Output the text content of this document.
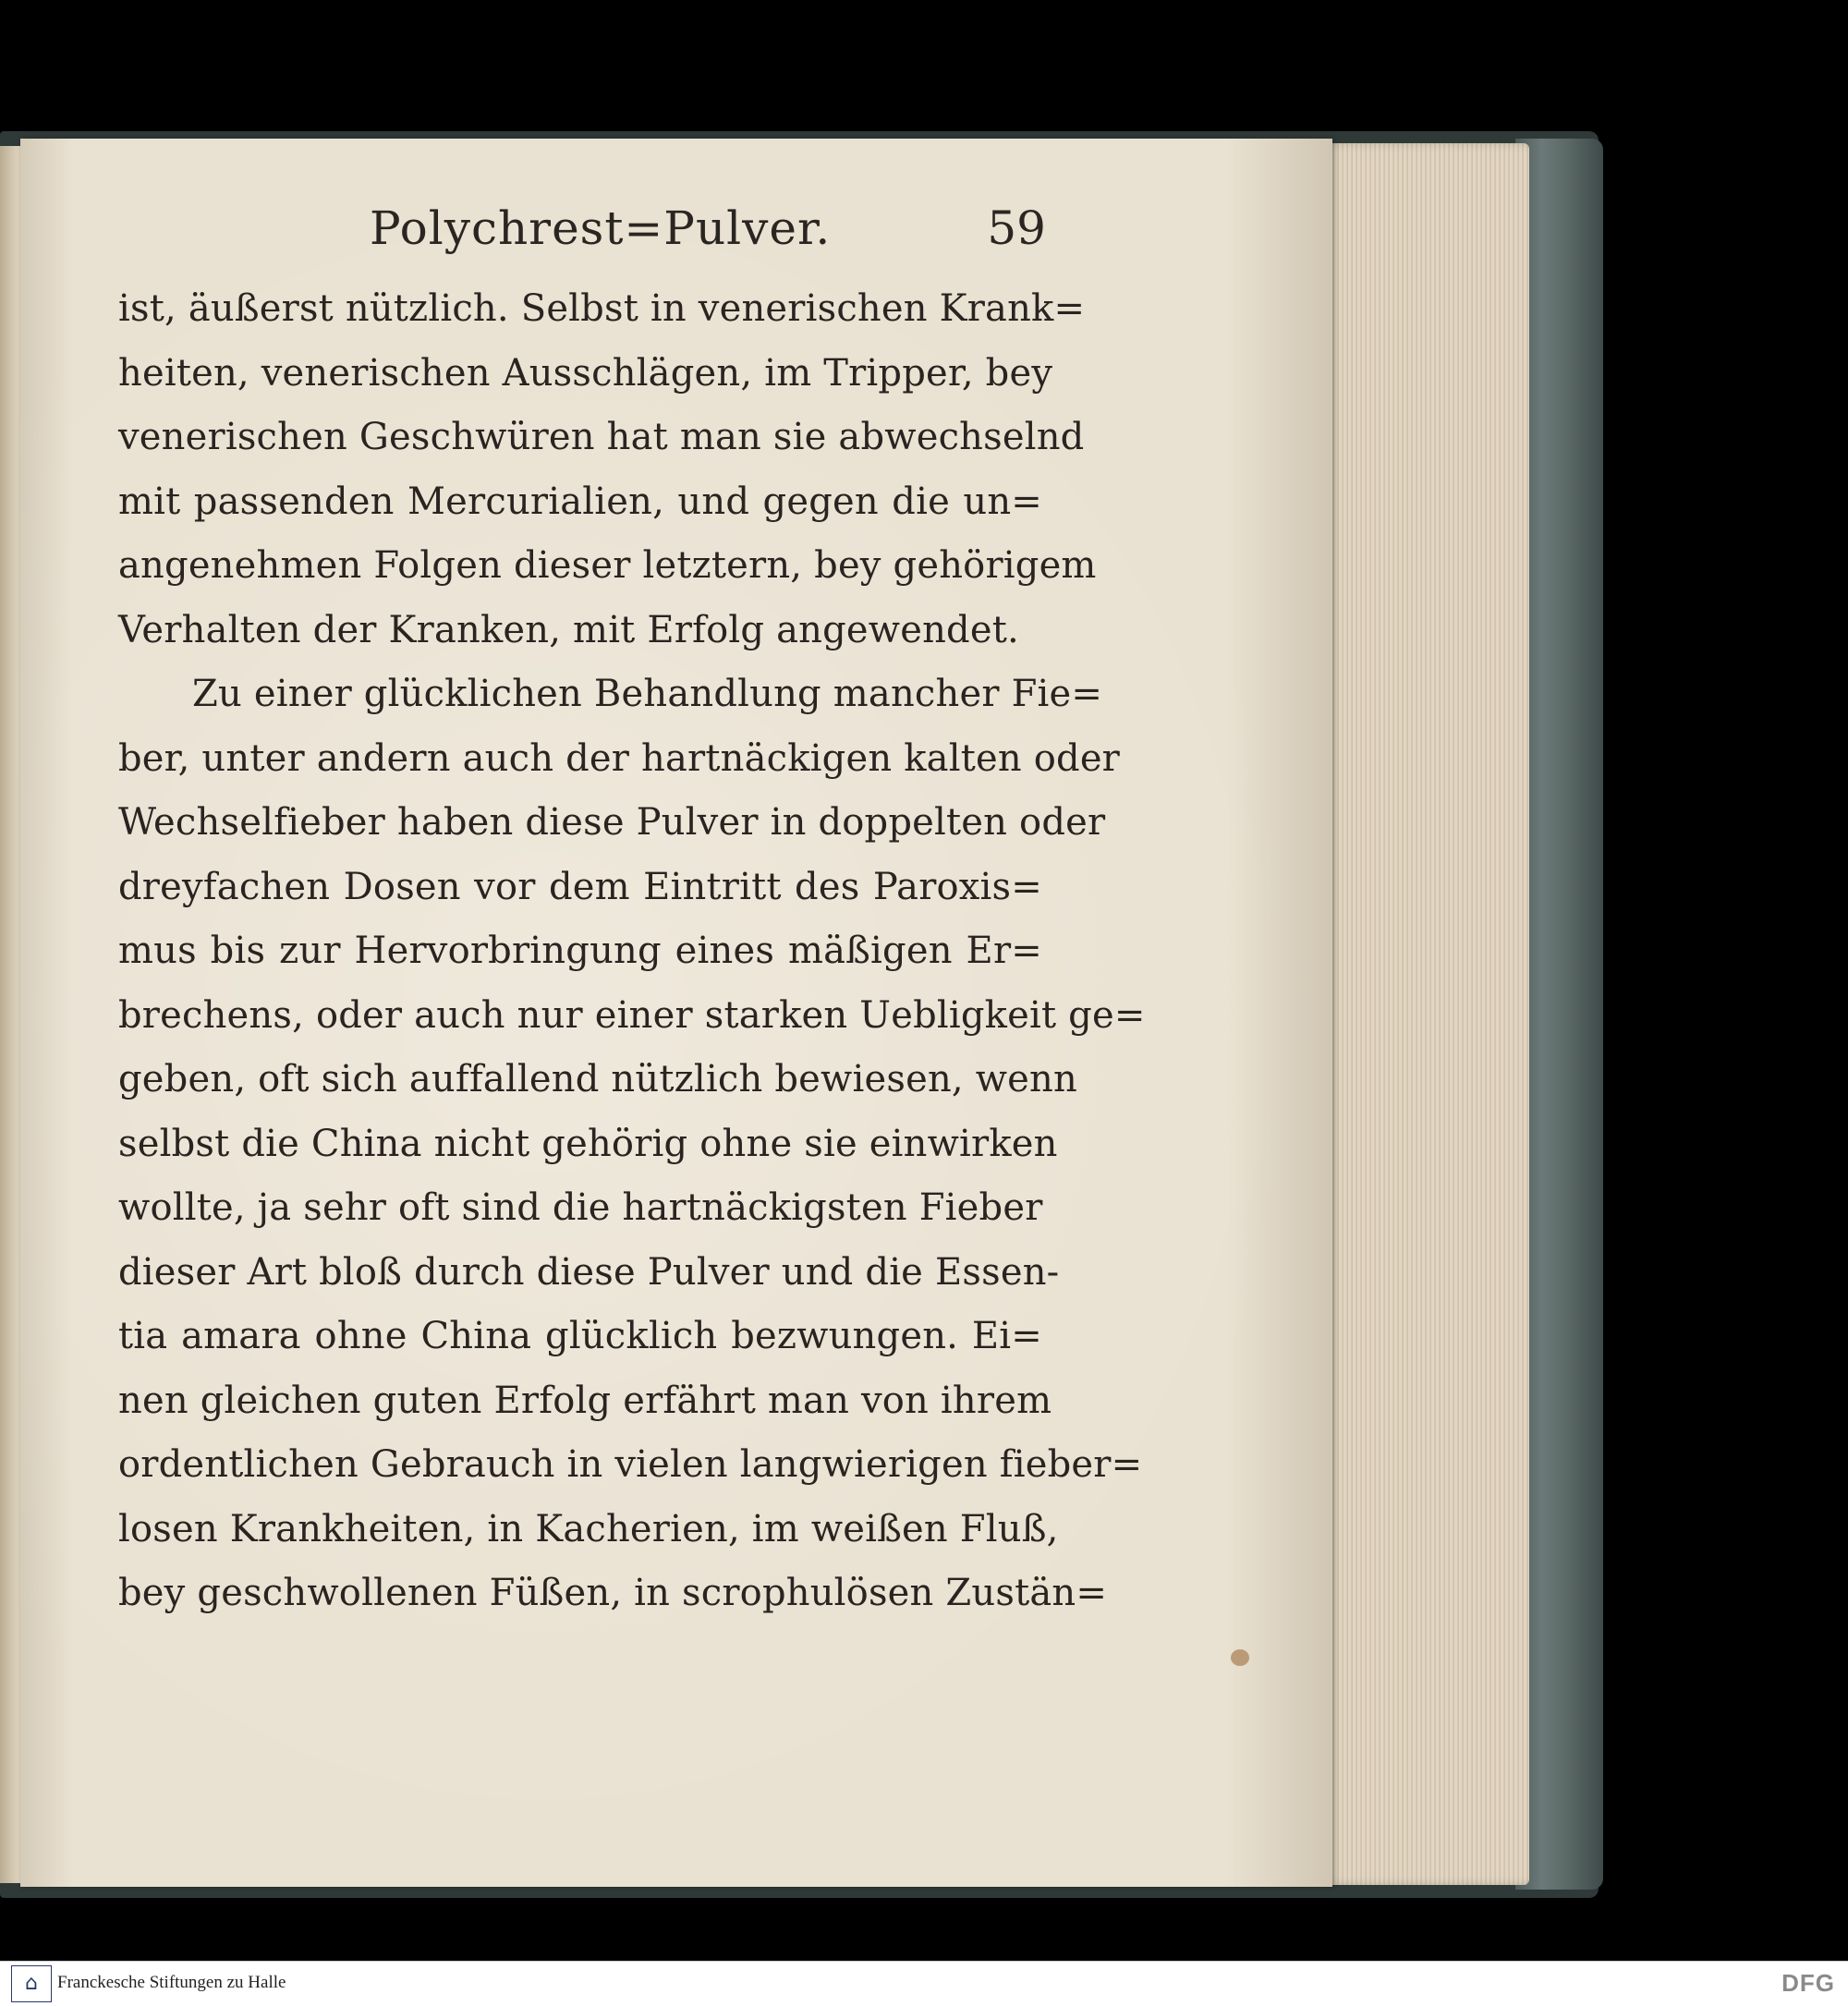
Polychrest=Pulver.	59
ist, äußerst nützlich. Selbst in venerischen Krank=
heiten, venerischen Ausschlägen, im Tripper, bey
venerischen Geschwüren hat man sie abwechselnd
mit passenden Mercurialien, und gegen die un=
angenehmen Folgen dieser letztern, bey gehörigem
Verhalten der Kranken, mit Erfolg angewendet.
Zu einer glücklichen Behandlung mancher Fie=
ber, unter andern auch der hartnäckigen kalten oder
Wechselfieber haben diese Pulver in doppelten oder
dreyfachen Dosen vor dem Eintritt des Paroxis=
mus bis zur Hervorbringung eines mäßigen Er=
brechens, oder auch nur einer starken Uebligkeit ge=
geben, oft sich auffallend nützlich bewiesen, wenn
selbst die China nicht gehörig ohne sie einwirken
wollte, ja sehr oft sind die hartnäckigsten Fieber
dieser Art bloß durch diese Pulver und die Essen-
tia amara ohne China glücklich bezwungen. Ei=
nen gleichen guten Erfolg erfährt man von ihrem
ordentlichen Gebrauch in vielen langwierigen fieber=
losen Krankheiten, in Kacherien, im weißen Fluß,
bey geschwollenen Füßen, in scrophulösen Zustän=
⌂	Franckesche Stiftungen zu Halle	DFG
